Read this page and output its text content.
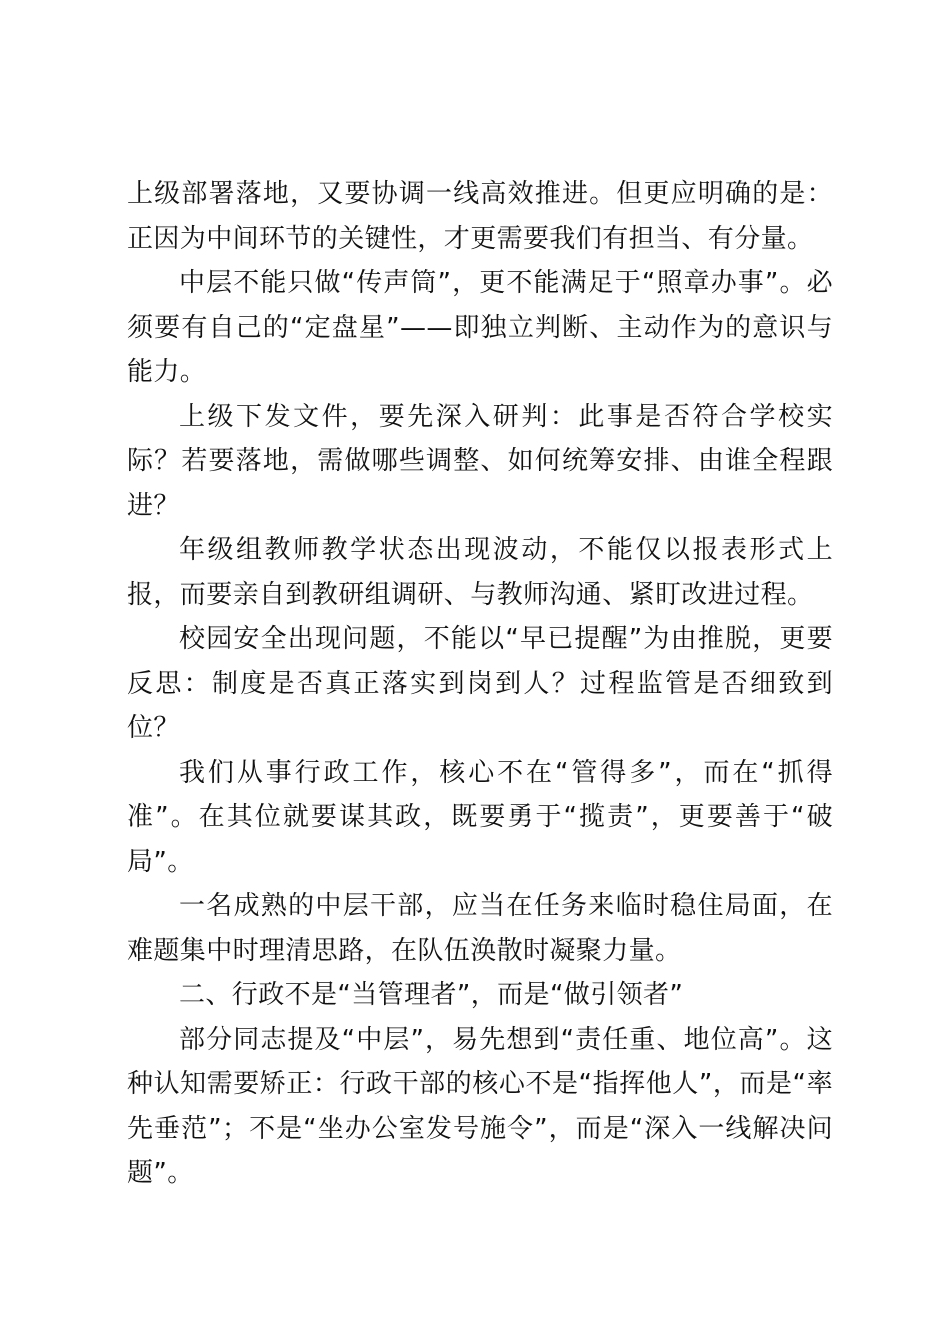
上级部署落地，又要协调一线高效推进。但更应明确的是：正因为中间环节的关键性，才更需要我们有担当、有分量。

中层不能只做“传声筒”，更不能满足于“照章办事”。必须要有自己的“定盘星”——即独立判断、主动作为的意识与能力。

上级下发文件，要先深入研判：此事是否符合学校实际？若要落地，需做哪些调整、如何统筹安排、由谁全程跟进？

年级组教师教学状态出现波动，不能仅以报表形式上报，而要亲自到教研组调研、与教师沟通、紧盯改进过程。

校园安全出现问题，不能以“早已提醒”为由推脱，更要反思：制度是否真正落实到岗到人？过程监管是否细致到位？

我们从事行政工作，核心不在“管得多”，而在“抓得准”。在其位就要谋其政，既要勇于“揽责”，更要善于“破局”。

一名成熟的中层干部，应当在任务来临时稳住局面，在难题集中时理清思路，在队伍涣散时凝聚力量。

二、行政不是“当管理者”，而是“做引领者”

部分同志提及“中层”，易先想到“责任重、地位高”。这种认知需要矫正：行政干部的核心不是“指挥他人”，而是“率先垂范”；不是“坐办公室发号施令”，而是“深入一线解决问题”。
